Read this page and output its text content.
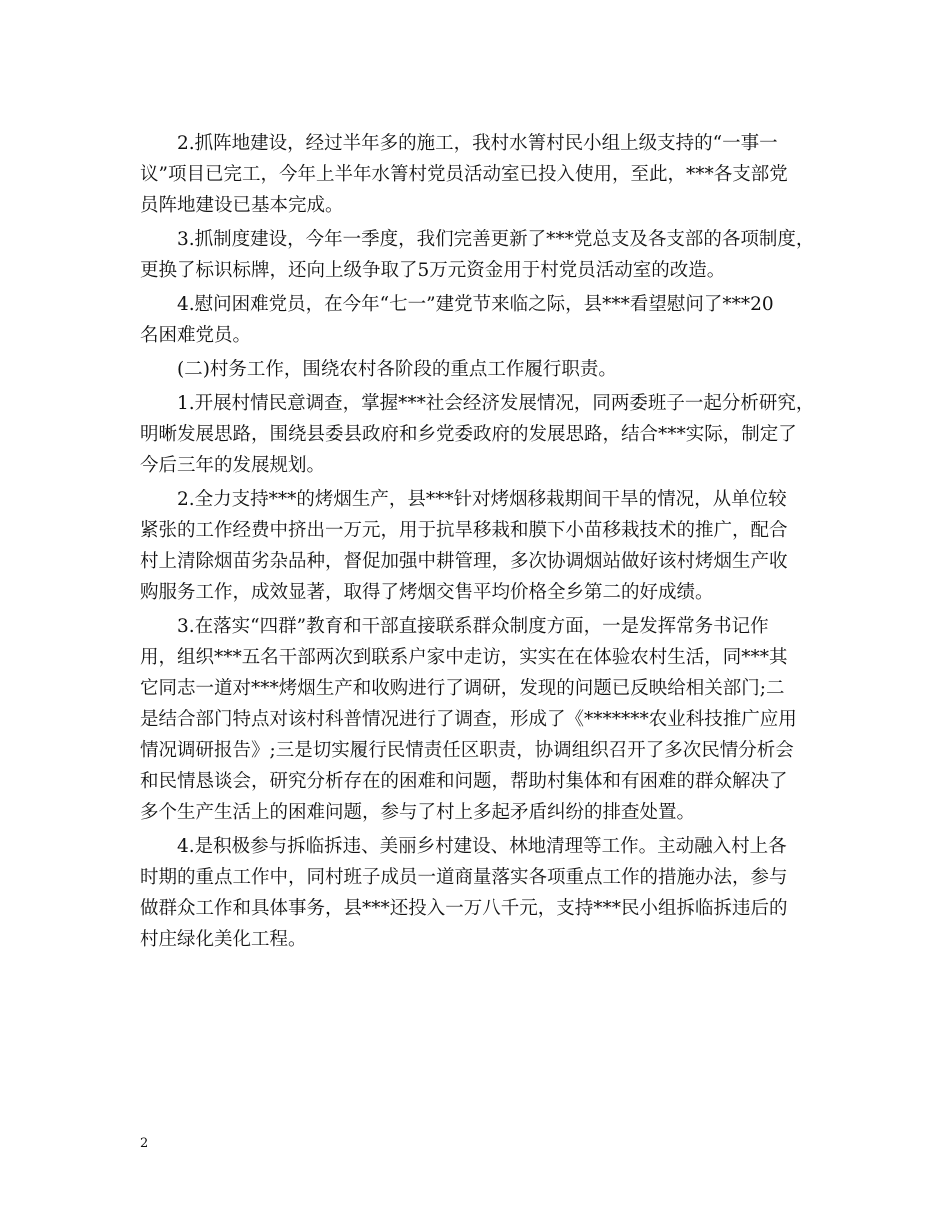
2.抓阵地建设，经过半年多的施工，我村水箐村民小组上级支持的“一事一
议”项目已完工，今年上半年水箐村党员活动室已投入使用，至此，***各支部党
员阵地建设已基本完成。
3.抓制度建设，今年一季度，我们完善更新了***党总支及各支部的各项制度，
更换了标识标牌，还向上级争取了5万元资金用于村党员活动室的改造。
4.慰问困难党员，在今年“七一”建党节来临之际，县***看望慰问了***20
名困难党员。
(二)村务工作，围绕农村各阶段的重点工作履行职责。
1.开展村情民意调查，掌握***社会经济发展情况，同两委班子一起分析研究，
明晰发展思路，围绕县委县政府和乡党委政府的发展思路，结合***实际，制定了
今后三年的发展规划。
2.全力支持***的烤烟生产，县***针对烤烟移栽期间干旱的情况，从单位较
紧张的工作经费中挤出一万元，用于抗旱移栽和膜下小苗移栽技术的推广，配合
村上清除烟苗劣杂品种，督促加强中耕管理，多次协调烟站做好该村烤烟生产收
购服务工作，成效显著，取得了烤烟交售平均价格全乡第二的好成绩。
3.在落实“四群”教育和干部直接联系群众制度方面，一是发挥常务书记作
用，组织***五名干部两次到联系户家中走访，实实在在体验农村生活，同***其
它同志一道对***烤烟生产和收购进行了调研，发现的问题已反映给相关部门;二
是结合部门特点对该村科普情况进行了调查，形成了《*******农业科技推广应用
情况调研报告》;三是切实履行民情责任区职责，协调组织召开了多次民情分析会
和民情恳谈会，研究分析存在的困难和问题，帮助村集体和有困难的群众解决了
多个生产生活上的困难问题，参与了村上多起矛盾纠纷的排查处置。
4.是积极参与拆临拆违、美丽乡村建设、林地清理等工作。主动融入村上各
时期的重点工作中，同村班子成员一道商量落实各项重点工作的措施办法，参与
做群众工作和具体事务，县***还投入一万八千元，支持***民小组拆临拆违后的
村庄绿化美化工程。
2
